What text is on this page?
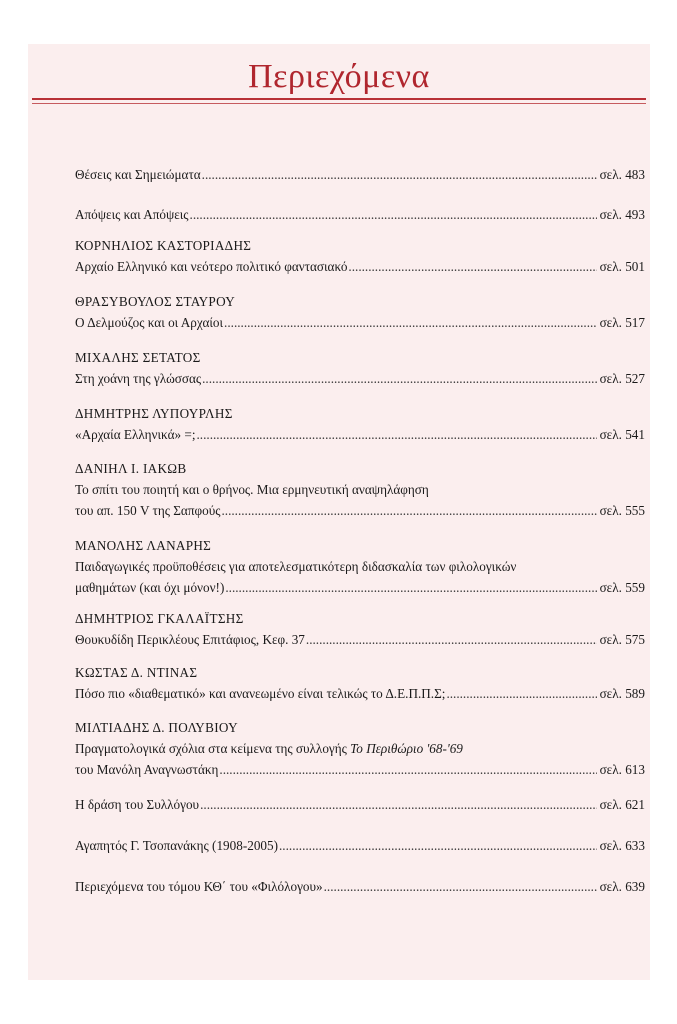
Περιεχόμενα
Θέσεις και Σημειώματα .....	σελ. 483
Απόψεις και Απόψεις .....	σελ. 493
ΚΟΡΝΗΛΙΟΣ ΚΑΣΤΟΡΙΑΔΗΣ
Αρχαίο Ελληνικό και νεότερο πολιτικό φαντασιακό .....	σελ. 501
ΘΡΑΣΥΒΟΥΛΟΣ ΣΤΑΥΡΟΥ
Ο Δελμούζος και οι Αρχαίοι .....	σελ. 517
ΜΙΧΑΛΗΣ ΣΕΤΑΤΟΣ
Στη χοάνη της γλώσσας .....	σελ. 527
ΔΗΜΗΤΡΗΣ ΛΥΠΟΥΡΛΗΣ
«Αρχαία Ελληνικά» =; .....	σελ. 541
ΔΑΝΙΗΛ Ι. ΙΑΚΩΒ
Το σπίτι του ποιητή και ο θρήνος. Μια ερμηνευτική αναψηλάφηση
του απ. 150 V της Σαπφούς .....	σελ. 555
ΜΑΝΟΛΗΣ ΛΑΝΑΡΗΣ
Παιδαγωγικές προϋποθέσεις για αποτελεσματικότερη διδασκαλία των φιλολογικών
μαθημάτων (και όχι μόνον!) .....	σελ. 559
ΔΗΜΗΤΡΙΟΣ ΓΚΑΛΑΪΤΣΗΣ
Θουκυδίδη Περικλέους Επιτάφιος, Κεφ. 37 .....	σελ. 575
ΚΩΣΤΑΣ Δ. ΝΤΙΝΑΣ
Πόσο πιο «διαθεματικό» και ανανεωμένο είναι τελικώς το Δ.Ε.Π.Π.Σ; .....	σελ. 589
ΜΙΛΤΙΑΔΗΣ Δ. ΠΟΛΥΒΙΟΥ
Πραγματολογικά σχόλια στα κείμενα της συλλογής Το Περιθώριο '68-'69
του Μανόλη Αναγνωστάκη .....	σελ. 613
Η δράση του Συλλόγου .....	σελ. 621
Αγαπητός Γ. Τσοπανάκης (1908-2005) .....	σελ. 633
Περιεχόμενα του τόμου ΚΘ΄ του «Φιλόλογου» .....	σελ. 639
